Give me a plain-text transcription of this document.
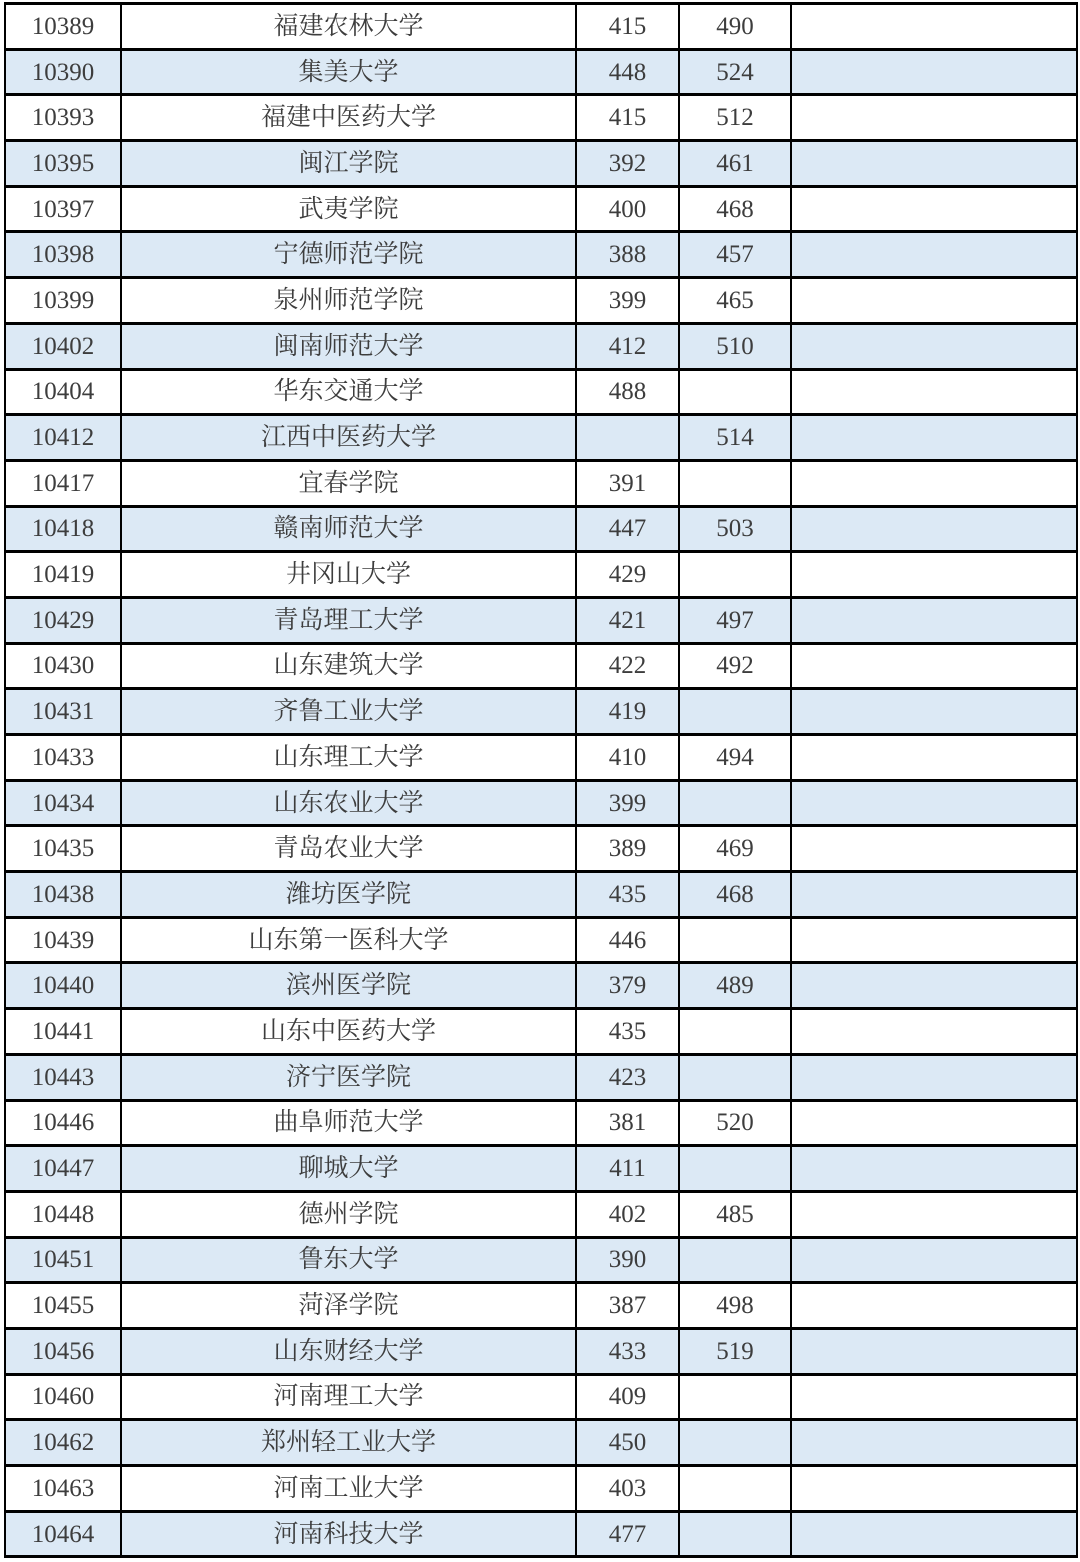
10389	福建农林大学	415	490	
10390	集美大学	448	524	
10393	福建中医药大学	415	512	
10395	闽江学院	392	461	
10397	武夷学院	400	468	
10398	宁德师范学院	388	457	
10399	泉州师范学院	399	465	
10402	闽南师范大学	412	510	
10404	华东交通大学	488		
10412	江西中医药大学		514	
10417	宜春学院	391		
10418	赣南师范大学	447	503	
10419	井冈山大学	429		
10429	青岛理工大学	421	497	
10430	山东建筑大学	422	492	
10431	齐鲁工业大学	419		
10433	山东理工大学	410	494	
10434	山东农业大学	399		
10435	青岛农业大学	389	469	
10438	潍坊医学院	435	468	
10439	山东第一医科大学	446		
10440	滨州医学院	379	489	
10441	山东中医药大学	435		
10443	济宁医学院	423		
10446	曲阜师范大学	381	520	
10447	聊城大学	411		
10448	德州学院	402	485	
10451	鲁东大学	390		
10455	菏泽学院	387	498	
10456	山东财经大学	433	519	
10460	河南理工大学	409		
10462	郑州轻工业大学	450		
10463	河南工业大学	403		
10464	河南科技大学	477		
